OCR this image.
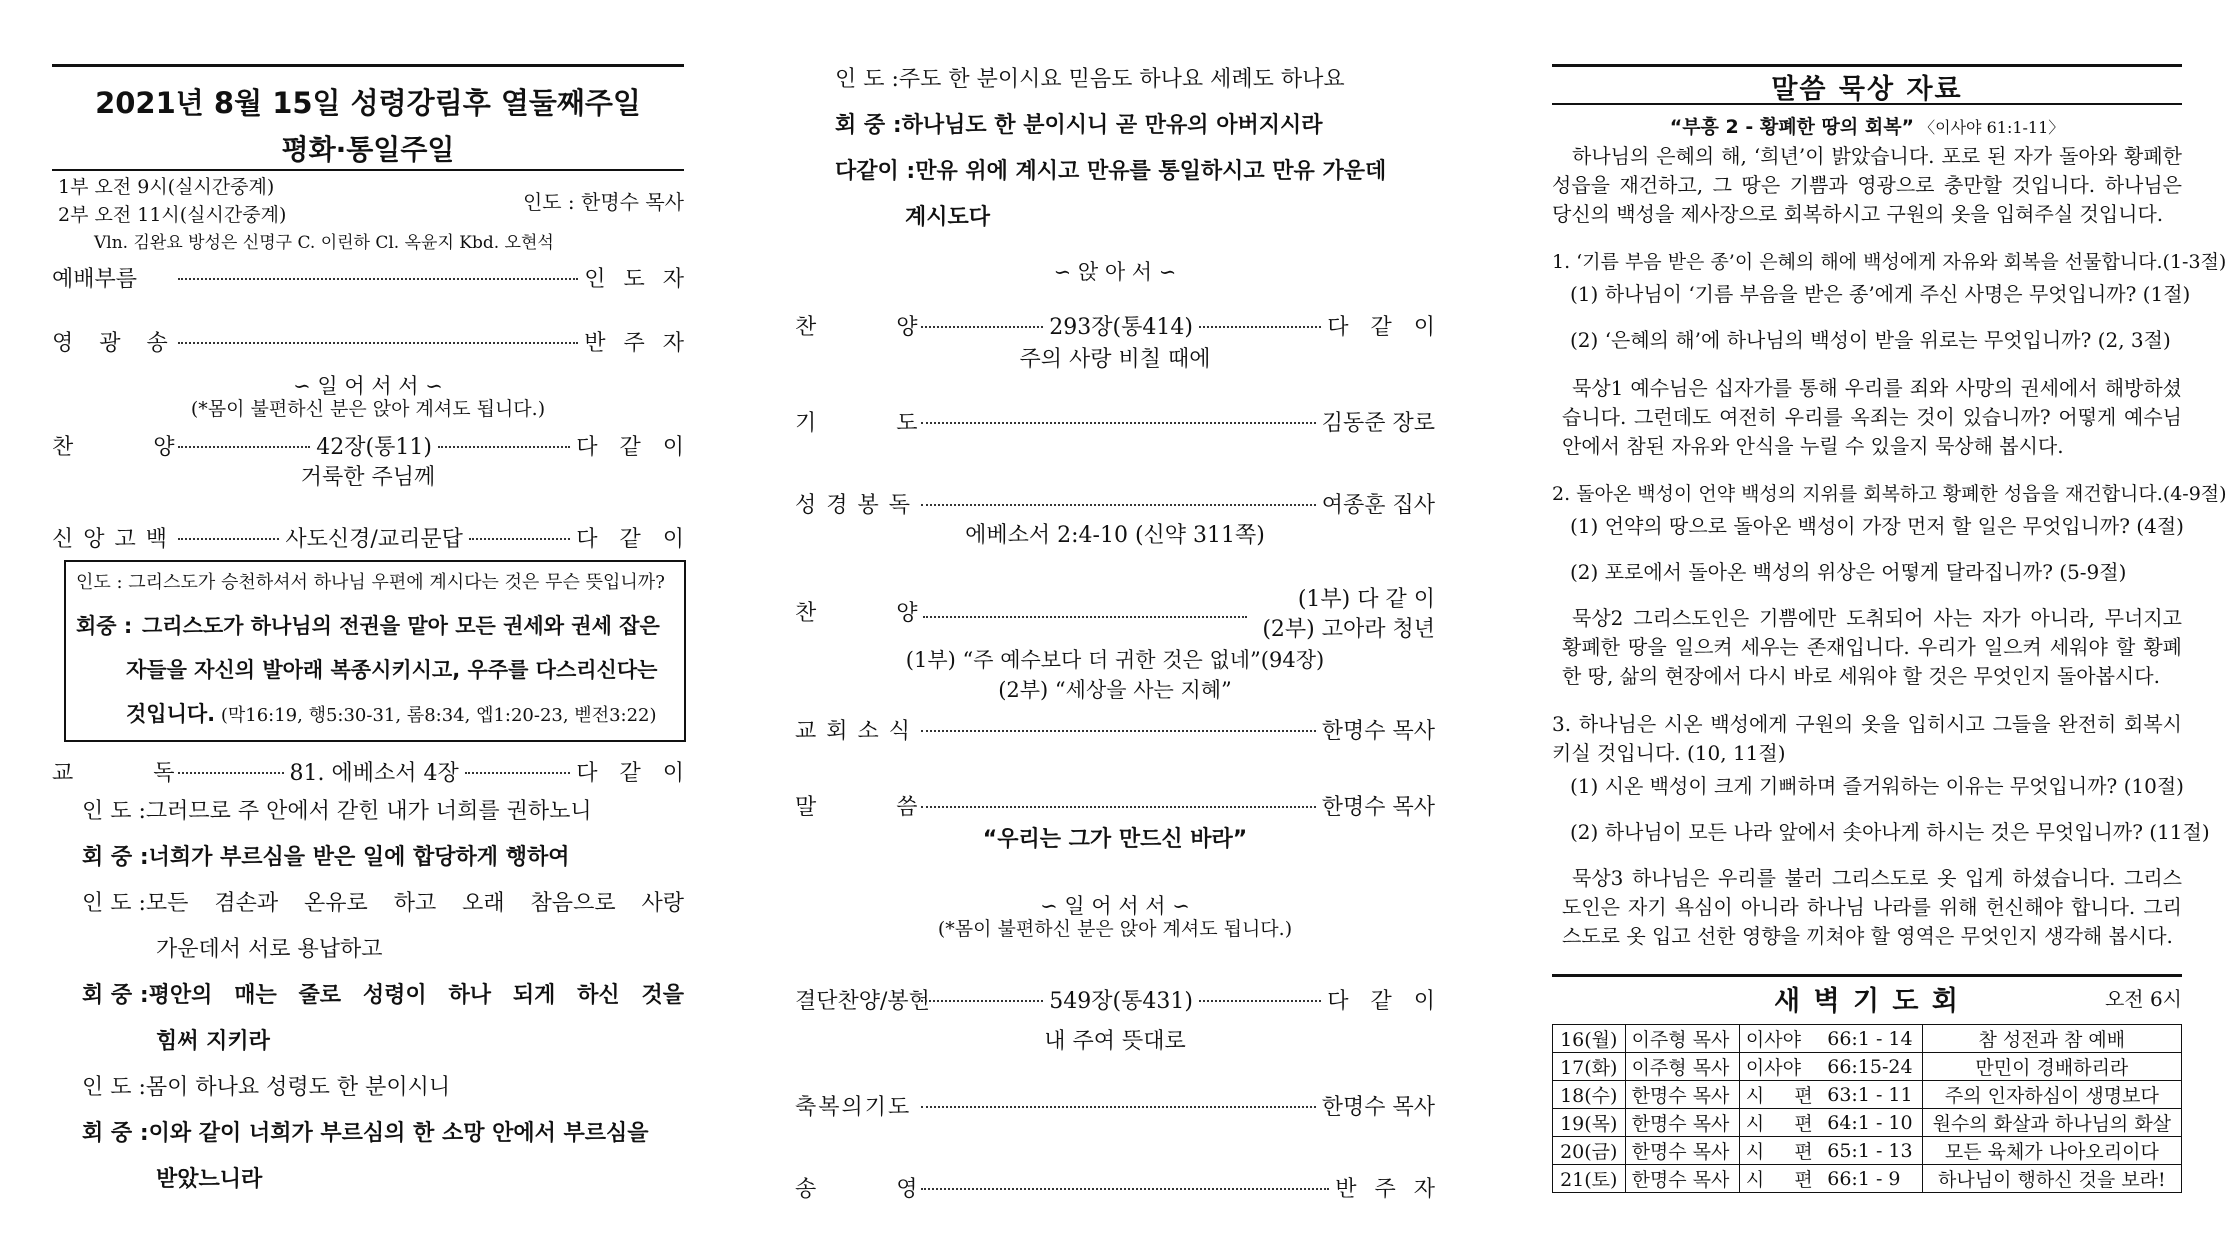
2021년 8월 15일 성령강림후 열둘째주일
평화·통일주일
1부 오전 9시(실시간중계)
2부 오전 11시(실시간중계)
인도 : 한명수 목사
Vln. 김완요 방성은 신명구 C. 이린하 Cl. 옥윤지 Kbd. 오현석
예배부름	인도자
영광송	반주자
∽ 일 어 서 서 ∽
(*몸이 불편하신 분은 앉아 계셔도 됩니다.)
찬양	42장(통11)	다같이
거룩한 주님께
신앙고백	사도신경/교리문답	다같이
인도 : 그리스도가 승천하셔서 하나님 우편에 계시다는 것은 무슨 뜻입니까?
회중 : 그리스도가 하나님의 전권을 맡아 모든 권세와 권세 잡은
자들을 자신의 발아래 복종시키시고, 우주를 다스리신다는
것입니다. (막16:19, 행5:30-31, 롬8:34, 엡1:20-23, 벧전3:22)
교독 81. 에베소서 4장	다같이
인 도 : 그러므로 주 안에서 갇힌 내가 너희를 권하노니
회 중 : 너희가 부르심을 받은 일에 합당하게 행하여
인 도 : 모든 겸손과 온유로 하고 오래 참음으로 사랑
가운데서 서로 용납하고
회 중 : 평안의 매는 줄로 성령이 하나 되게 하신 것을
힘써 지키라
인 도 : 몸이 하나요 성령도 한 분이시니
회 중 : 이와 같이 너희가 부르심의 한 소망 안에서 부르심을
받았느니라
인 도 : 주도 한 분이시요 믿음도 하나요 세례도 하나요
회 중 : 하나님도 한 분이시니 곧 만유의 아버지시라
다같이 : 만유 위에 계시고 만유를 통일하시고 만유 가운데
계시도다
∽ 앉 아 서 ∽
찬양 293장(통414)	다같이
주의 사랑 비칠 때에
기도	김동준 장로
성경봉독	여종훈 집사
에베소서 2:4-10 (신약 311쪽)
찬양
(1부) 다 같 이
(2부) 고아라 청년
(1부) “주 예수보다 더 귀한 것은 없네”(94장)
(2부) “세상을 사는 지혜”
교회소식	한명수 목사
말씀	한명수 목사
“우리는 그가 만드신 바라”
∽ 일 어 서 서 ∽
(*몸이 불편하신 분은 앉아 계셔도 됩니다.)
결단찬양/봉헌	549장(통431)	다같이
내 주여 뜻대로
축복의기도	한명수 목사
송영	반주자
말씀 묵상 자료
“부흥 2 - 황폐한 땅의 회복” 〈이사야 61:1-11〉
하나님의 은혜의 해, ‘희년’이 밝았습니다. 포로 된 자가 돌아와 황폐한 성읍을 재건하고, 그 땅은 기쁨과 영광으로 충만할 것입니다. 하나님은 당신의 백성을 제사장으로 회복하시고 구원의 옷을 입혀주실 것입니다.
1. ‘기름 부음 받은 종’이 은혜의 해에 백성에게 자유와 회복을 선물합니다.(1-3절)
(1) 하나님이 ‘기름 부음을 받은 종’에게 주신 사명은 무엇입니까? (1절)
(2) ‘은혜의 해’에 하나님의 백성이 받을 위로는 무엇입니까? (2, 3절)
묵상1 예수님은 십자가를 통해 우리를 죄와 사망의 권세에서 해방하셨습니다. 그런데도 여전히 우리를 옥죄는 것이 있습니까? 어떻게 예수님 안에서 참된 자유와 안식을 누릴 수 있을지 묵상해 봅시다.
2. 돌아온 백성이 언약 백성의 지위를 회복하고 황폐한 성읍을 재건합니다.(4-9절)
(1) 언약의 땅으로 돌아온 백성이 가장 먼저 할 일은 무엇입니까? (4절)
(2) 포로에서 돌아온 백성의 위상은 어떻게 달라집니까? (5-9절)
묵상2 그리스도인은 기쁨에만 도취되어 사는 자가 아니라, 무너지고 황폐한 땅을 일으켜 세우는 존재입니다. 우리가 일으켜 세워야 할 황폐한 땅, 삶의 현장에서 다시 바로 세워야 할 것은 무엇인지 돌아봅시다.
3. 하나님은 시온 백성에게 구원의 옷을 입히시고 그들을 완전히 회복시키실 것입니다. (10, 11절)
(1) 시온 백성이 크게 기뻐하며 즐거워하는 이유는 무엇입니까? (10절)
(2) 하나님이 모든 나라 앞에서 솟아나게 하시는 것은 무엇입니까? (11절)
묵상3 하나님은 우리를 불러 그리스도로 옷 입게 하셨습니다. 그리스도인은 자기 욕심이 아니라 하나님 나라를 위해 헌신해야 합니다. 그리스도로 옷 입고 선한 영향을 끼쳐야 할 영역은 무엇인지 생각해 봅시다.
새 벽 기 도 회	오전 6시
16(월)	이주형 목사	이사야	66:1 - 14	참 성전과 참 예배
17(화)	이주형 목사	이사야	66:15-24	만민이 경배하리라
18(수)	한명수 목사	시     편	63:1 - 11	주의 인자하심이 생명보다
19(목)	한명수 목사	시     편	64:1 - 10	원수의 화살과 하나님의 화살
20(금)	한명수 목사	시     편	65:1 - 13	모든 육체가 나아오리이다
21(토)	한명수 목사	시     편	66:1 - 9	하나님이 행하신 것을 보라!
